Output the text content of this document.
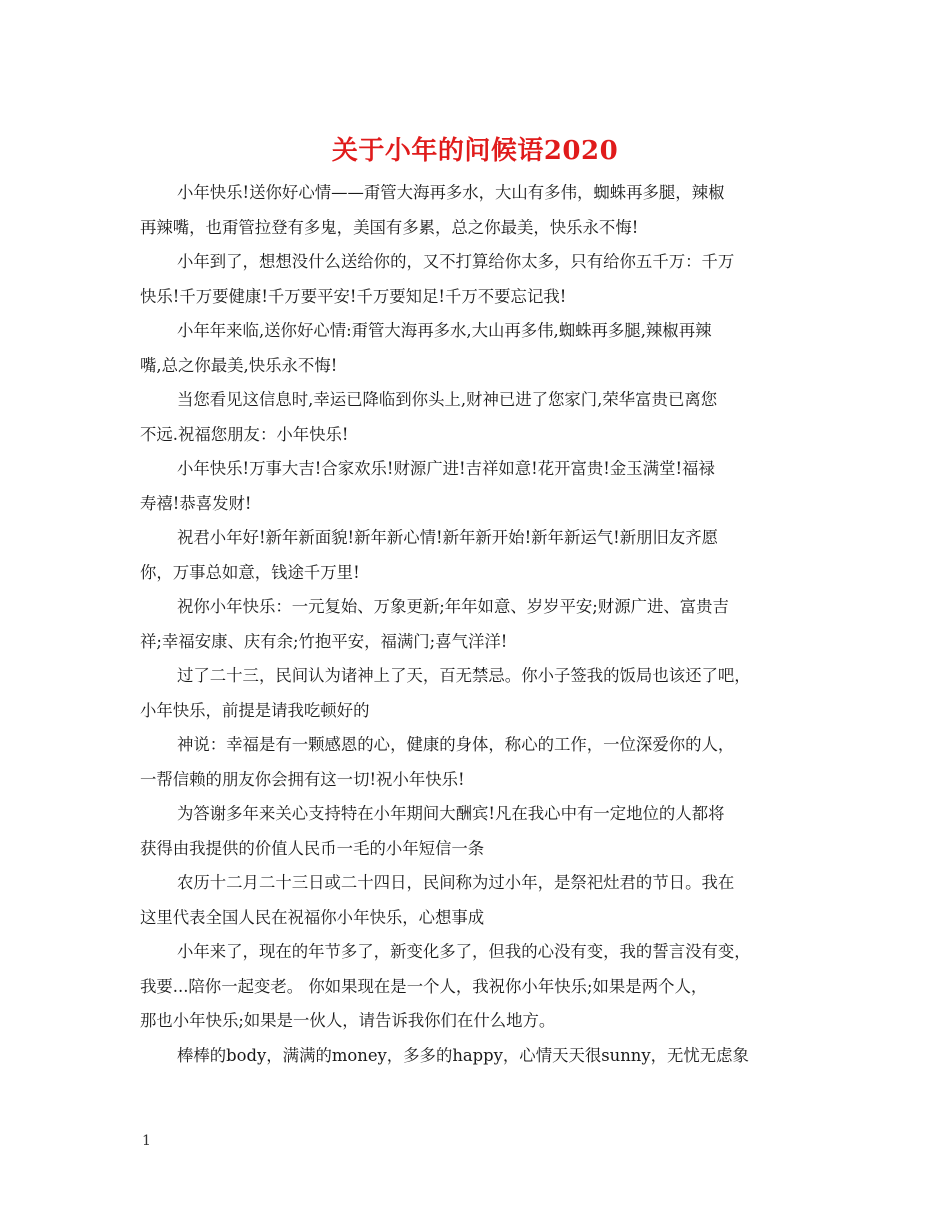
关于小年的问候语2020
小年快乐!送你好心情——甭管大海再多水，大山有多伟，蜘蛛再多腿，辣椒
再辣嘴，也甭管拉登有多鬼，美国有多累，总之你最美，快乐永不悔!
小年到了，想想没什么送给你的，又不打算给你太多，只有给你五千万：千万
快乐!千万要健康!千万要平安!千万要知足!千万不要忘记我!
小年年来临,送你好心情:甭管大海再多水,大山再多伟,蜘蛛再多腿,辣椒再辣
嘴,总之你最美,快乐永不悔!
当您看见这信息时,幸运已降临到你头上,财神已进了您家门,荣华富贵已离您
不远.祝福您朋友：小年快乐!
小年快乐!万事大吉!合家欢乐!财源广进!吉祥如意!花开富贵!金玉满堂!福禄
寿禧!恭喜发财!
祝君小年好!新年新面貌!新年新心情!新年新开始!新年新运气!新朋旧友齐愿
你，万事总如意，钱途千万里!
祝你小年快乐：一元复始、万象更新;年年如意、岁岁平安;财源广进、富贵吉
祥;幸福安康、庆有余;竹抱平安，福满门;喜气洋洋!
过了二十三，民间认为诸神上了天，百无禁忌。你小子签我的饭局也该还了吧，
小年快乐，前提是请我吃顿好的
神说：幸福是有一颗感恩的心，健康的身体，称心的工作，一位深爱你的人，
一帮信赖的朋友你会拥有这一切!祝小年快乐!
为答谢多年来关心支持特在小年期间大酬宾!凡在我心中有一定地位的人都将
获得由我提供的价值人民币一毛的小年短信一条
农历十二月二十三日或二十四日，民间称为过小年，是祭祀灶君的节日。我在
这里代表全国人民在祝福你小年快乐，心想事成
小年来了，现在的年节多了，新变化多了，但我的心没有变，我的誓言没有变，
我要...陪你一起变老。 你如果现在是一个人，我祝你小年快乐;如果是两个人，
那也小年快乐;如果是一伙人，请告诉我你们在什么地方。
棒棒的body，满满的money，多多的happy，心情天天很sunny，无忧无虑象
1
